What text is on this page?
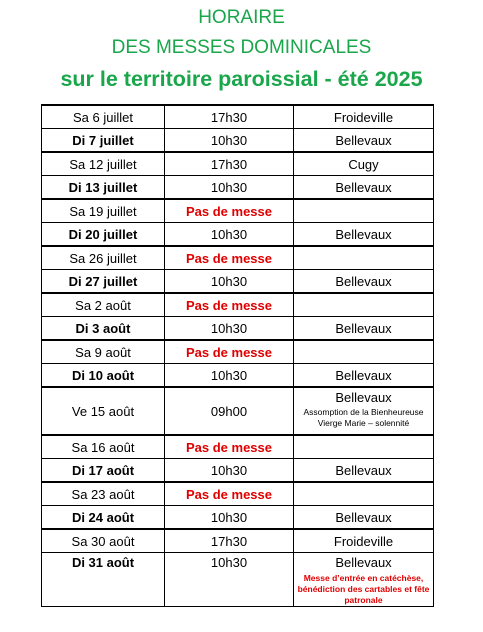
HORAIRE
DES MESSES DOMINICALES
sur le territoire paroissial - été 2025
Sa 6 juillet	17h30	Froideville
Di 7 juillet	10h30	Bellevaux
Sa 12 juillet	17h30	Cugy
Di 13 juillet	10h30	Bellevaux
Sa 19 juillet	Pas de messe	
Di 20 juillet	10h30	Bellevaux
Sa 26 juillet	Pas de messe	
Di 27 juillet	10h30	Bellevaux
Sa 2 août	Pas de messe	
Di 3 août	10h30	Bellevaux
Sa 9 août	Pas de messe	
Di 10 août	10h30	Bellevaux
Ve 15 août	09h00	Bellevaux
Assomption de la Bienheureuse Vierge Marie – solennité

Sa 16 août	Pas de messe	
Di 17 août	10h30	Bellevaux
Sa 23 août	Pas de messe	
Di 24 août	10h30	Bellevaux
Sa 30 août	17h30	Froideville
Di 31 août	10h30	Bellevaux
Messe d’entrée en catéchèse, bénédiction des cartables et fête patronale
